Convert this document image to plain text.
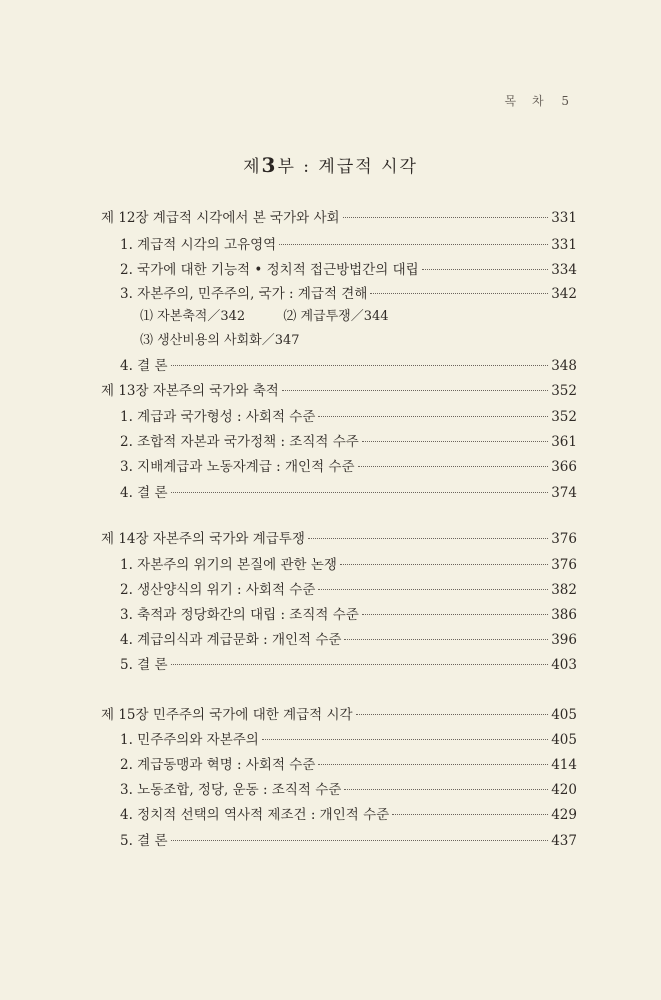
목 차 5
제3부 : 계급적 시각
제 12장 계급적 시각에서 본 국가와 사회	331
1. 계급적 시각의 고유영역	331
2. 국가에 대한 기능적 • 정치적 접근방법간의 대립	334
3. 자본주의, 민주주의, 국가 : 계급적 견해	342
⑴ 자본축적／342	⑵ 계급투쟁／344
⑶ 생산비용의 사회화／347
4. 결 론	348
제 13장 자본주의 국가와 축적	352
1. 계급과 국가형성 : 사회적 수준	352
2. 조합적 자본과 국가정책 : 조직적 수주	361
3. 지배계급과 노동자계급 : 개인적 수준	366
4. 결 론	374
제 14장 자본주의 국가와 계급투쟁	376
1. 자본주의 위기의 본질에 관한 논쟁	376
2. 생산양식의 위기 : 사회적 수준	382
3. 축적과 정당화간의 대립 : 조직적 수준	386
4. 계급의식과 계급문화 : 개인적 수준	396
5. 결 론	403
제 15장 민주주의 국가에 대한 계급적 시각	405
1. 민주주의와 자본주의	405
2. 계급동맹과 혁명 : 사회적 수준	414
3. 노동조합, 정당, 운동 : 조직적 수준	420
4. 정치적 선택의 역사적 제조건 : 개인적 수준	429
5. 결 론	437
